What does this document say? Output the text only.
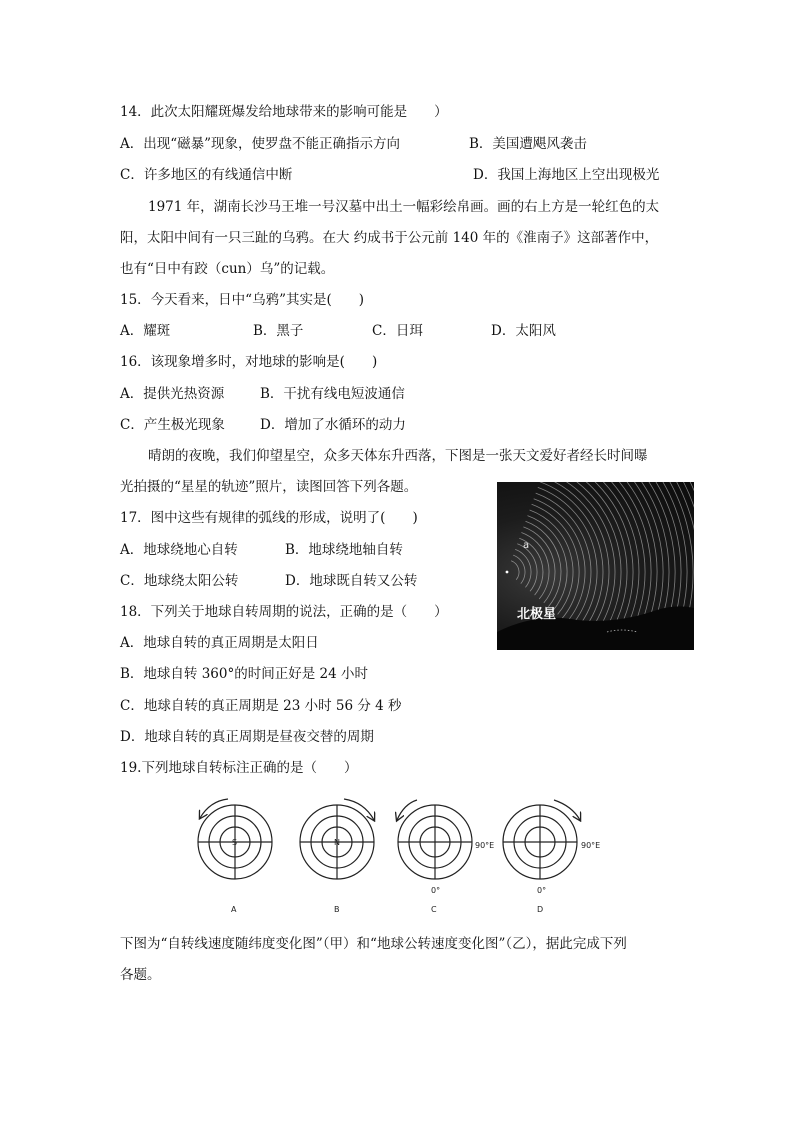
14．此次太阳耀斑爆发给地球带来的影响可能是　　）
A．出现“磁暴”现象，使罗盘不能正确指示方向	B．美国遭飓风袭击
C．许多地区的有线通信中断	D．我国上海地区上空出现极光
1971 年，湖南长沙马王堆一号汉墓中出土一幅彩绘帛画。画的右上方是一轮红色的太
阳，太阳中间有一只三趾的乌鸦。在大 约成书于公元前 140 年的《淮南子》这部著作中，
也有“日中有跤（cun）乌”的记载。
15．今天看来，日中“乌鸦”其实是(　　)
A．耀斑	B．黑子	C．日珥	D．太阳风
16．该现象增多时，对地球的影响是(　　)
A．提供光热资源	B．干扰有线电短波通信
C．产生极光现象	D．增加了水循环的动力
晴朗的夜晚，我们仰望星空，众多天体东升西落，下图是一张天文爱好者经长时间曝
光拍摄的“星星的轨迹”照片，读图回答下列各题。
a
北极星
17．图中这些有规律的弧线的形成，说明了(　　)
A．地球绕地心自转	B．地球绕地轴自转
C．地球绕太阳公转	D．地球既自转又公转
18．下列关于地球自转周期的说法，正确的是（　　）
A．地球自转的真正周期是太阳日
B．地球自转 360°的时间正好是 24 小时
C．地球自转的真正周期是 23 小时 56 分 4 秒
D．地球自转的真正周期是昼夜交替的周期
19.下列地球自转标注正确的是（　　）
S	N	90°E	90°E
0°	0°
A	B	C	D
下图为“自转线速度随纬度变化图”（甲）和“地球公转速度变化图”（乙），据此完成下列
各题。
